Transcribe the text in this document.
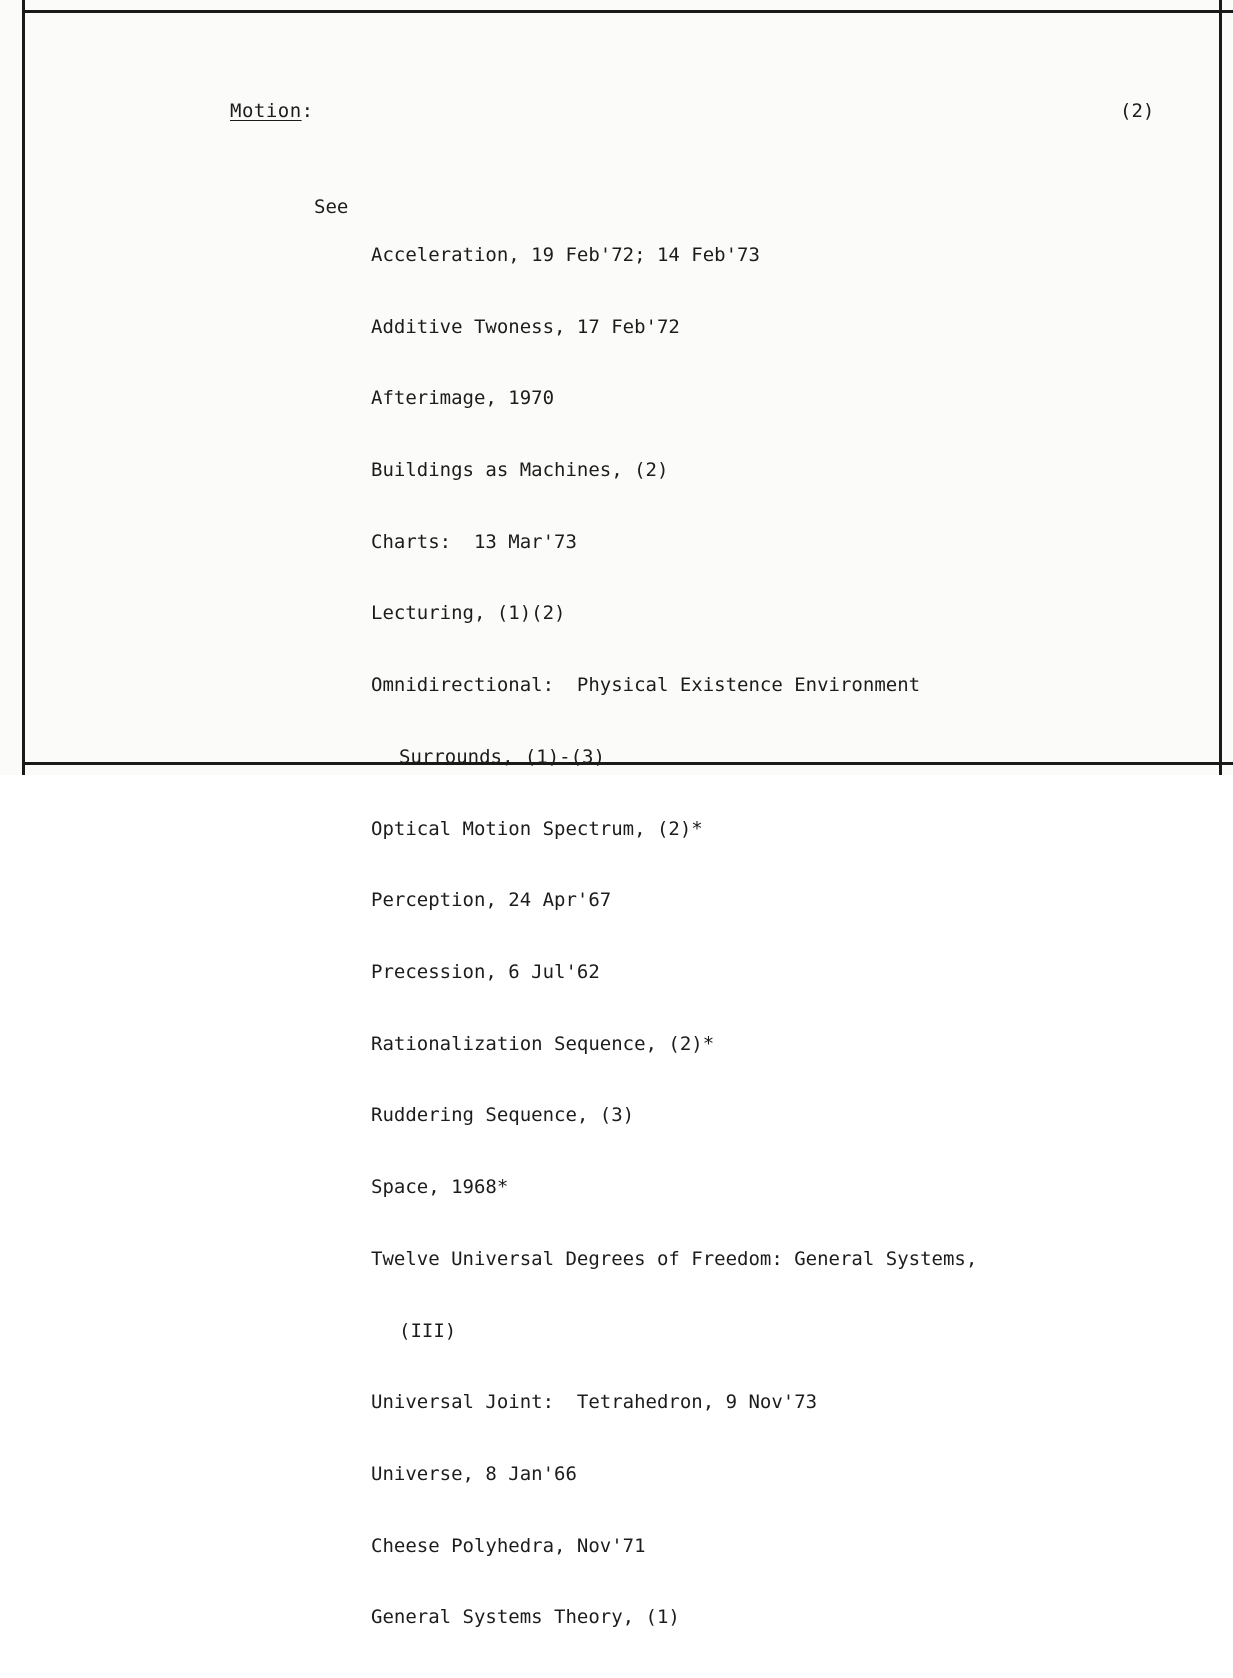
Motion:	(2)
See

Acceleration, 19 Feb'72; 14 Feb'73

Additive Twoness, 17 Feb'72

Afterimage, 1970

Buildings as Machines, (2)

Charts:  13 Mar'73

Lecturing, (1)(2)

Omnidirectional:  Physical Existence Environment

Surrounds, (1)-(3)

Optical Motion Spectrum, (2)*

Perception, 24 Apr'67

Precession, 6 Jul'62

Rationalization Sequence, (2)*

Ruddering Sequence, (3)

Space, 1968*

Twelve Universal Degrees of Freedom: General Systems,

(III)

Universal Joint:  Tetrahedron, 9 Nov'73

Universe, 8 Jan'66

Cheese Polyhedra, Nov'71

General Systems Theory, (1)
